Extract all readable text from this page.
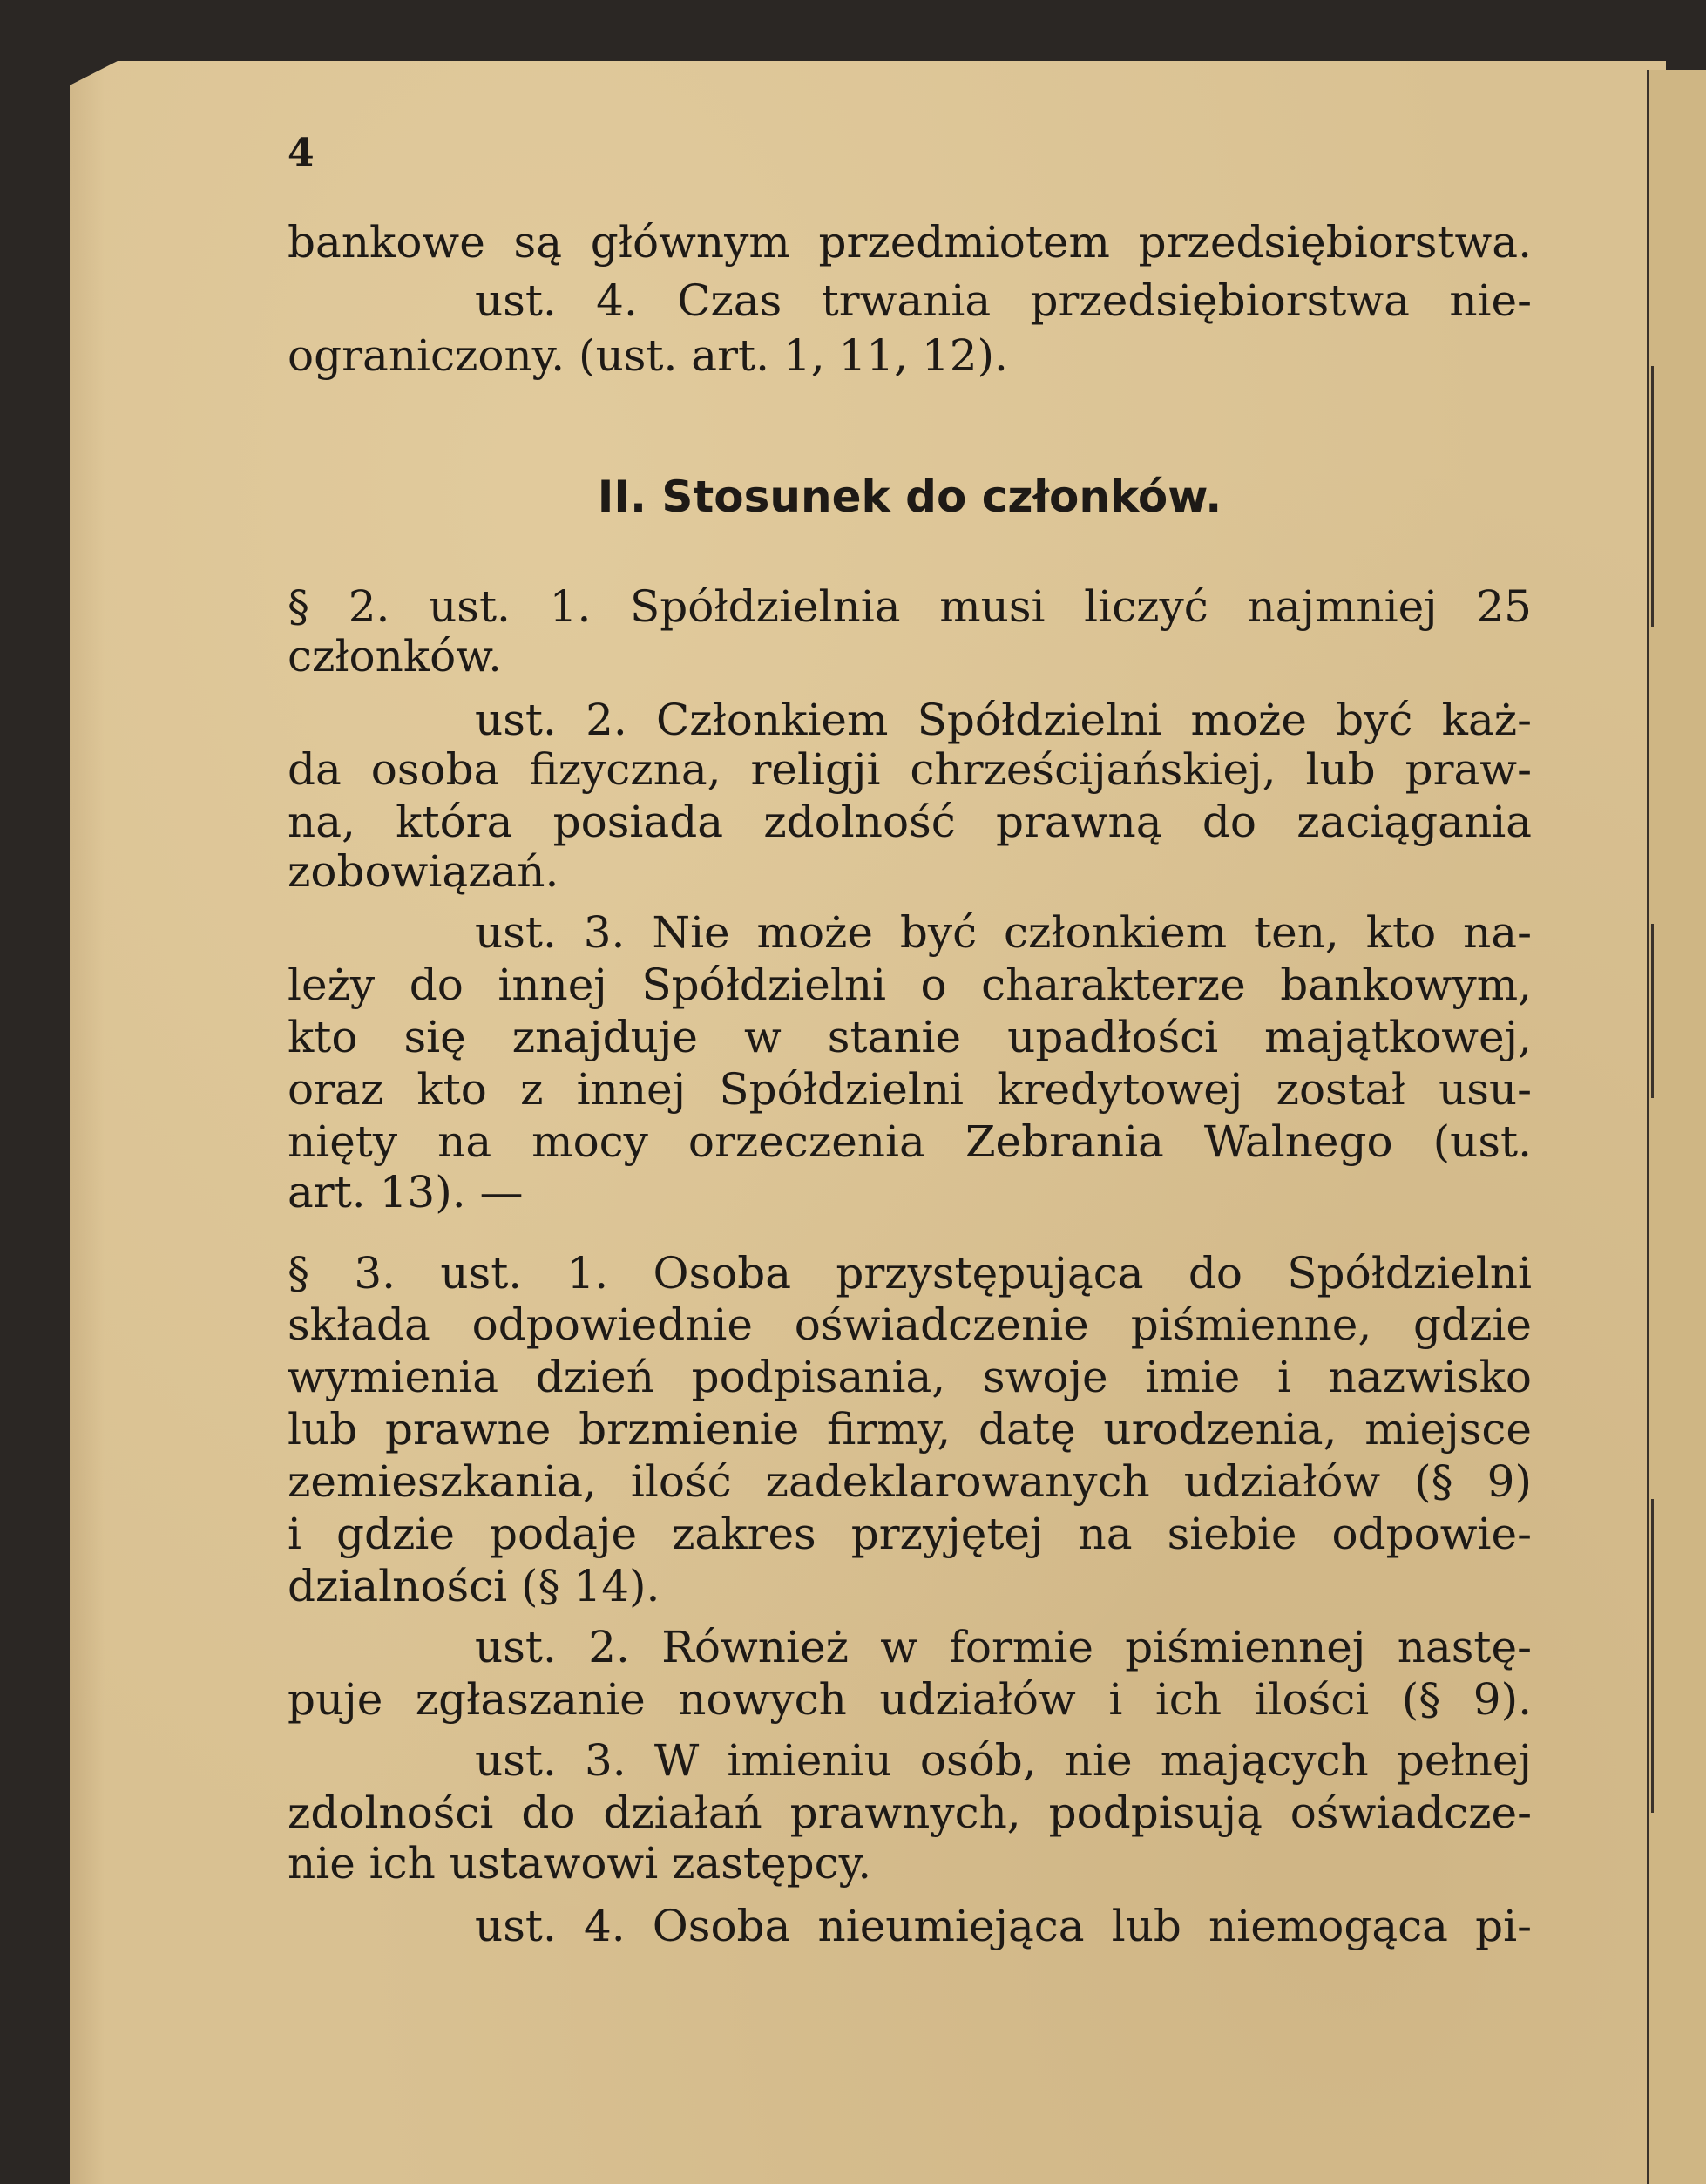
4
bankowe są głównym przedmiotem przedsiębiorstwa.
ust. 4. Czas trwania przedsiębiorstwa nie-
ograniczony. (ust. art. 1, 11, 12).
II. Stosunek do członków.
§ 2. ust. 1. Spółdzielnia musi liczyć najmniej 25
członków.
ust. 2. Członkiem Spółdzielni może być każ-
da osoba fizyczna, religji chrześcijańskiej, lub praw-
na, która posiada zdolność prawną do zaciągania
zobowiązań.
ust. 3. Nie może być członkiem ten, kto na-
leży do innej Spółdzielni o charakterze bankowym,
kto się znajduje w stanie upadłości majątkowej,
oraz kto z innej Spółdzielni kredytowej został usu-
nięty na mocy orzeczenia Zebrania Walnego (ust.
art. 13). —
§ 3. ust. 1. Osoba przystępująca do Spółdzielni
składa odpowiednie oświadczenie piśmienne, gdzie
wymienia dzień podpisania, swoje imie i nazwisko
lub prawne brzmienie firmy, datę urodzenia, miejsce
zemieszkania, ilość zadeklarowanych udziałów (§ 9)
i gdzie podaje zakres przyjętej na siebie odpowie-
dzialności (§ 14).
ust. 2. Również w formie piśmiennej nastę-
puje zgłaszanie nowych udziałów i ich ilości (§ 9).
ust. 3. W imieniu osób, nie mających pełnej
zdolności do działań prawnych, podpisują oświadcze-
nie ich ustawowi zastępcy.
ust. 4. Osoba nieumiejąca lub niemogąca pi-
